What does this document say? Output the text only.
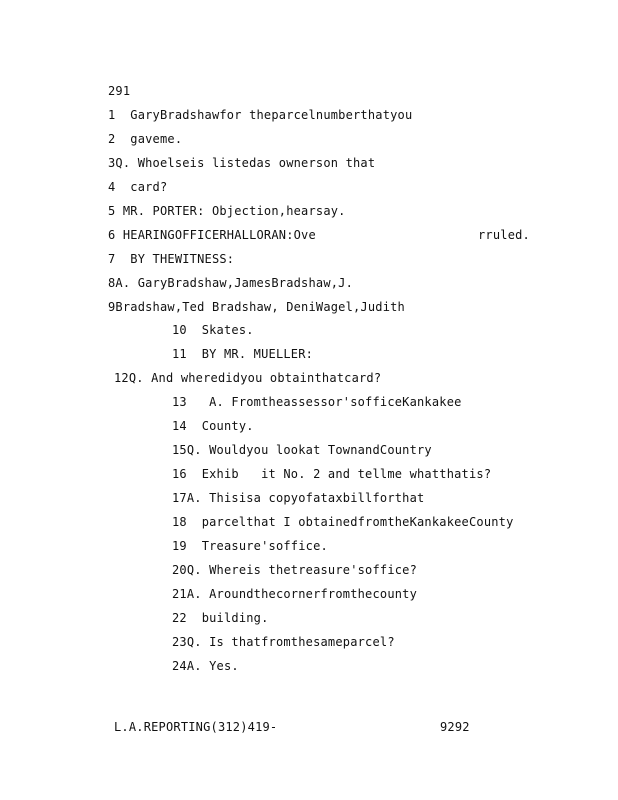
291
1  GaryBradshawfor theparcelnumberthatyou
2  gaveme.
3Q. Whoelseis listedas ownerson that
4  card?
5 MR. PORTER: Objection,hearsay.
6 HEARINGOFFICERHALLORAN:Ove	rruled.
7  BY THEWITNESS:
8A. GaryBradshaw,JamesBradshaw,J.
9Bradshaw,Ted Bradshaw, DeniWagel,Judith
10  Skates.
11  BY MR. MUELLER:
12Q. And wheredidyou obtainthatcard?
13   A. Fromtheassessor'sofficeKankakee
14  County.
15Q. Wouldyou lookat TownandCountry
16  Exhib   it No. 2 and tellme whatthatis?
17A. Thisisa copyofataxbillforthat
18  parcelthat I obtainedfromtheKankakeeCounty
19  Treasure'soffice.
20Q. Whereis thetreasure'soffice?
21A. Aroundthecornerfromthecounty
22  building.
23Q. Is thatfromthesameparcel?
24A. Yes.
L.A.REPORTING(312)419-	9292
